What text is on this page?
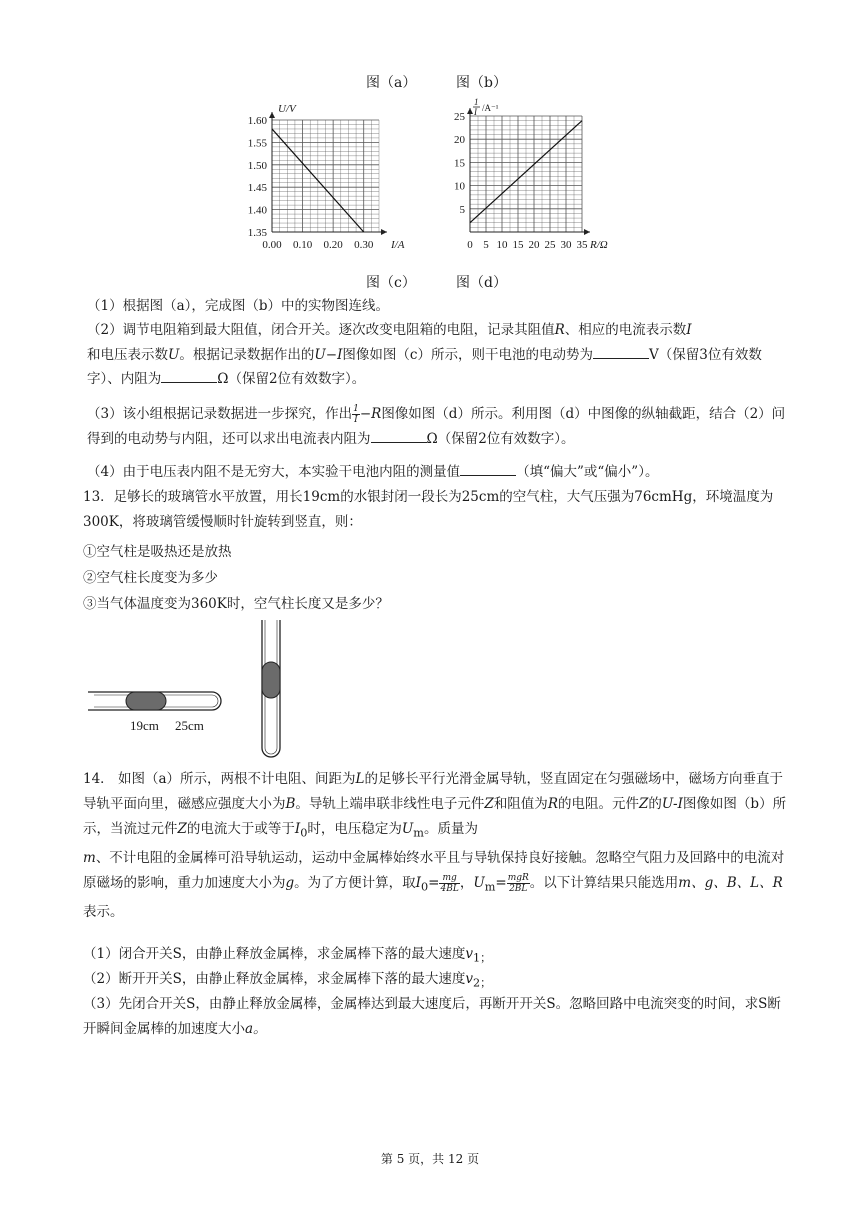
图（a）	图（b）
0.00 0.10 0.20 0.30
1.35
1.40
1.45
1.50
1.55
1.60
U/V
I/A	0 5 10 15 20 25 30 35
5
10
15
20
25
1
I /A⁻¹
R/Ω
图（c）	图（d）
（1）根据图（a），完成图（b）中的实物图连线。
（2）调节电阻箱到最大阻值，闭合开关。逐次改变电阻箱的电阻，记录其阻值R、相应的电流表示数I
和电压表示数U。根据记录数据作出的U−I图像如图（c）所示，则干电池的电动势为	V（保留3位有效数字）、内阻为	Ω（保留2位有效数字）。
（3）该小组根据记录数据进一步探究，作出 $\frac{1}{I} -R$图像如图（d）所示。利用图（d）中图像的纵轴截距，结合（2）问得到的电动势与内阻，还可以求出电流表内阻为	Ω（保留2位有效数字）。
（4）由于电压表内阻不是无穷大，本实验干电池内阻的测量值	（填“偏大”或“偏小”）。
13．足够长的玻璃管水平放置，用长19cm的水银封闭一段长为25cm的空气柱，大气压强为76cmHg，环境温度为300K，将玻璃管缓慢顺时针旋转到竖直，则：
①空气柱是吸热还是放热
②空气柱长度变为多少
③当气体温度变为360K时，空气柱长度又是多少？
19cm 25cm
14． 如图（a）所示，两根不计电阻、间距为L的足够长平行光滑金属导轨，竖直固定在匀强磁场中，磁场方向垂直于导轨平面向里，磁感应强度大小为B。导轨上端串联非线性电子元件Z和阻值为R的电阻。元件Z的U-I图像如图（b）所示，当流过元件Z的电流大于或等于$I_0$时，电压稳定为$U_m$。质量为
m、不计电阻的金属棒可沿导轨运动，运动中金属棒始终水平且与导轨保持良好接触。忽略空气阻力及回路中的电流对原磁场的影响，重力加速度大小为g。为了方便计算，取$I_0= \frac{mg}{4BL}$ ，$U_m= \frac{\text{mgR}}{2BL}$ 。以下计算结果只能选用m、g、B、L、R表示。
（1）闭合开关S，由静止释放金属棒，求金属棒下落的最大速度$v_{1;}$
（2）断开开关S，由静止释放金属棒，求金属棒下落的最大速度$v_{2;}$
（3）先闭合开关S，由静止释放金属棒，金属棒达到最大速度后，再断开开关S。忽略回路中电流突变的时间，求S断开瞬间金属棒的加速度大小a。
第 5 页，共 12 页
